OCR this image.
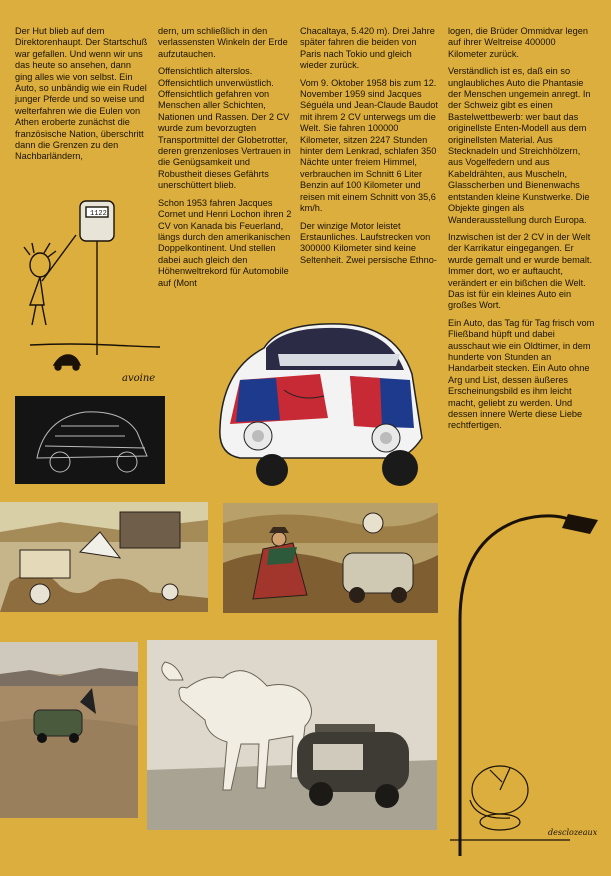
Der Hut blieb auf dem Direktorenhaupt. Der Startschuß war gefallen. Und wenn wir uns das heute so ansehen, dann ging alles wie von selbst. Ein Auto, so unbändig wie ein Rudel junger Pferde und so weise und welterfahren wie die Eulen von Athen eroberte zunächst die französische Nation, überschritt dann die Grenzen zu den Nachbarländern,

dern, um schließlich in den verlassensten Winkeln der Erde aufzutauchen.

Offensichtlich alterslos. Offensichtlich unverwüstlich. Offensichtlich gefahren von Menschen aller Schichten, Nationen und Rassen. Der 2 CV wurde zum bevorzugten Transportmittel der Globetrotter, deren grenzenloses Vertrauen in die Genügsamkeit und Robustheit dieses Gefährts unerschüttert blieb.

Schon 1953 fahren Jacques Cornet und Henri Lochon ihren 2 CV von Kanada bis Feuerland, längs durch den amerikanischen Doppelkontinent. Und stellen dabei auch gleich den Höhenweltrekord für Automobile auf (Mont

Chacaltaya, 5.420 m). Drei Jahre später fahren die beiden von Paris nach Tokio und gleich wieder zurück.

Vom 9. Oktober 1958 bis zum 12. November 1959 sind Jacques Séguéla und Jean-Claude Baudot mit ihrem 2 CV unterwegs um die Welt. Sie fahren 100000 Kilometer, sitzen 2247 Stunden hinter dem Lenkrad, schlafen 350 Nächte unter freiem Himmel, verbrauchen im Schnitt 6 Liter Benzin auf 100 Kilometer und reisen mit einem Schnitt von 35,6 km/h.

Der winzige Motor leistet Erstaunliches. Laufstrecken von 300000 Kilometer sind keine Seltenheit. Zwei persische Ethno-

logen, die Brüder Ommidvar legen auf ihrer Weltreise 400000 Kilometer zurück.

Verständlich ist es, daß ein so unglaubliches Auto die Phantasie der Menschen ungemein anregt. In der Schweiz gibt es einen Bastelwettbewerb: wer baut das originellste Enten-Modell aus dem originellsten Material. Aus Stecknadeln und Streichhölzern, aus Vogelfedern und aus Kabeldrähten, aus Muscheln, Glasscherben und Bienenwachs entstanden kleine Kunstwerke. Die Objekte gingen als Wanderausstellung durch Europa.

Inzwischen ist der 2 CV in der Welt der Karrikatur eingegangen. Er wurde gemalt und er wurde bemalt. Immer dort, wo er auftaucht, verändert er ein bißchen die Welt. Das ist für ein kleines Auto ein großes Wort.

Ein Auto, das Tag für Tag frisch vom Fließband hüpft und dabei ausschaut wie ein Oldtimer, in dem hunderte von Stunden an Handarbeit stecken. Ein Auto ohne Arg und List, dessen äußeres Erscheinungsbild es ihm leicht macht, geliebt zu werden. Und dessen innere Werte diese Liebe rechtfertigen.

1122
avoine
desclozeaux
